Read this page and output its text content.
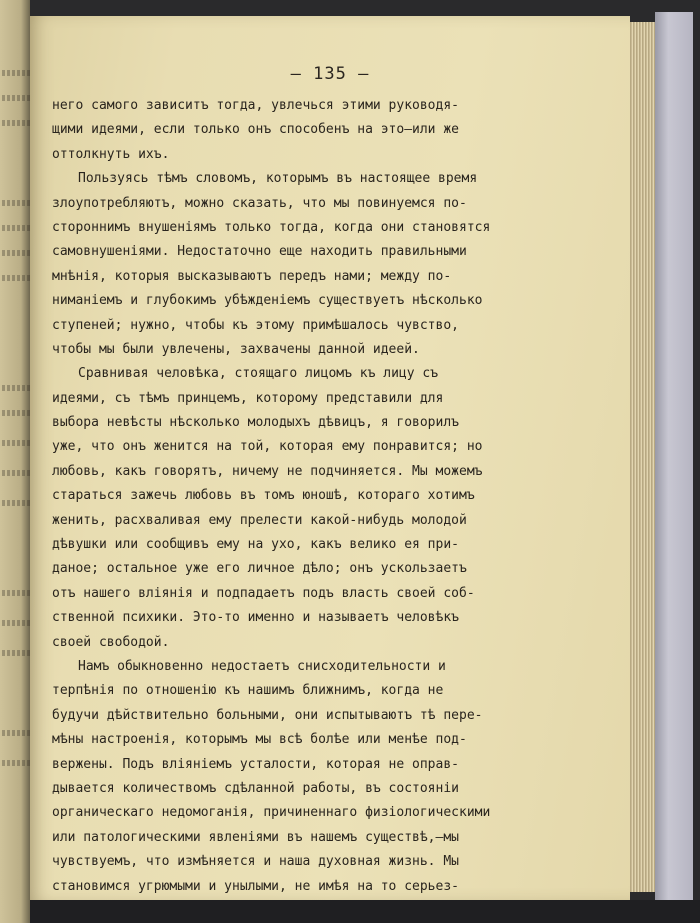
— 135 —
него самого зависитъ тогда, увлечься этими руководя-
щими идеями, если только онъ способенъ на это—или же
оттолкнуть ихъ.
Пользуясь тѣмъ словомъ, которымъ въ настоящее время
злоупотребляютъ, можно сказать, что мы повинуемся по-
стороннимъ внушеніямъ только тогда, когда они становятся
самовнушеніями. Недостаточно еще находить правильными
мнѣнія, которыя высказываютъ передъ нами; между по-
ниманіемъ и глубокимъ убѣжденіемъ существуетъ нѣсколько
ступеней; нужно, чтобы къ этому примѣшалось чувство,
чтобы мы были увлечены, захвачены данной идеей.
Сравнивая человѣка, стоящаго лицомъ къ лицу съ
идеями, съ тѣмъ принцемъ, которому представили для
выбора невѣсты нѣсколько молодыхъ дѣвицъ, я говорилъ
уже, что онъ женится на той, которая ему понравится; но
любовь, какъ говорятъ, ничему не подчиняется. Мы можемъ
стараться зажечь любовь въ томъ юношѣ, котораго хотимъ
женить, расхваливая ему прелести какой-нибудь молодой
дѣвушки или сообщивъ ему на ухо, какъ велико ея при-
даное; остальное уже его личное дѣло; онъ ускользаетъ
отъ нашего вліянія и подпадаетъ подъ власть своей соб-
ственной психики. Это-то именно и называетъ человѣкъ
своей свободой.
Намъ обыкновенно недостаетъ снисходительности и
терпѣнія по отношенію къ нашимъ ближнимъ, когда не
будучи дѣйствительно больными, они испытываютъ тѣ пере-
мѣны настроенія, которымъ мы всѣ болѣе или менѣе под-
вержены. Подъ вліяніемъ усталости, которая не оправ-
дывается количествомъ сдѣланной работы, въ состояніи
органическаго недомоганія, причиненнаго физіологическими
или патологическими явленіями въ нашемъ существѣ,—мы
чувствуемъ, что измѣняется и наша духовная жизнь. Мы
становимся угрюмыми и унылыми, не имѣя на то серьез-
